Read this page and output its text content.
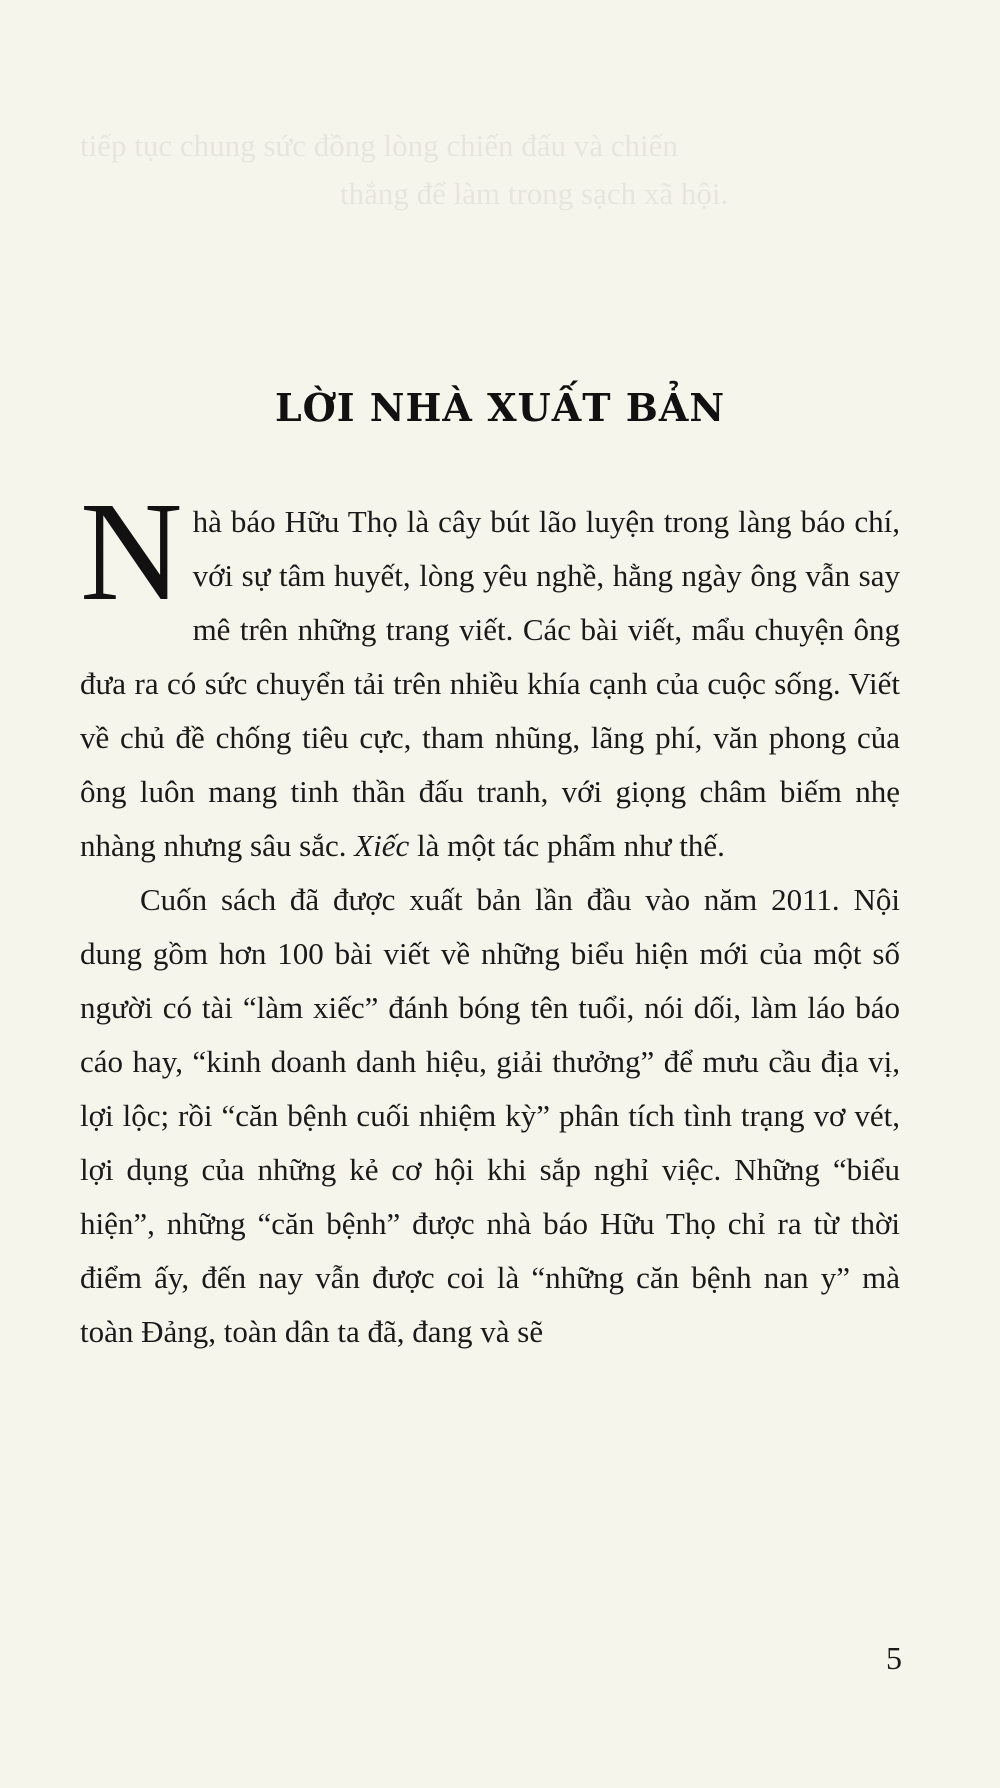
tiếp tục chung sức đồng lòng chiến đấu và chiến
thắng để làm trong sạch xã hội.
LỜI NHÀ XUẤT BẢN

Nhà báo Hữu Thọ là cây bút lão luyện trong làng báo chí, với sự tâm huyết, lòng yêu nghề, hằng ngày ông vẫn say mê trên những trang viết. Các bài viết, mẩu chuyện ông đưa ra có sức chuyển tải trên nhiều khía cạnh của cuộc sống. Viết về chủ đề chống tiêu cực, tham nhũng, lãng phí, văn phong của ông luôn mang tinh thần đấu tranh, với giọng châm biếm nhẹ nhàng nhưng sâu sắc. Xiếc là một tác phẩm như thế.

Cuốn sách đã được xuất bản lần đầu vào năm 2011. Nội dung gồm hơn 100 bài viết về những biểu hiện mới của một số người có tài “làm xiếc” đánh bóng tên tuổi, nói dối, làm láo báo cáo hay, “kinh doanh danh hiệu, giải thưởng” để mưu cầu địa vị, lợi lộc; rồi “căn bệnh cuối nhiệm kỳ” phân tích tình trạng vơ vét, lợi dụng của những kẻ cơ hội khi sắp nghỉ việc. Những “biểu hiện”, những “căn bệnh” được nhà báo Hữu Thọ chỉ ra từ thời điểm ấy, đến nay vẫn được coi là “những căn bệnh nan y” mà toàn Đảng, toàn dân ta đã, đang và sẽ

5
